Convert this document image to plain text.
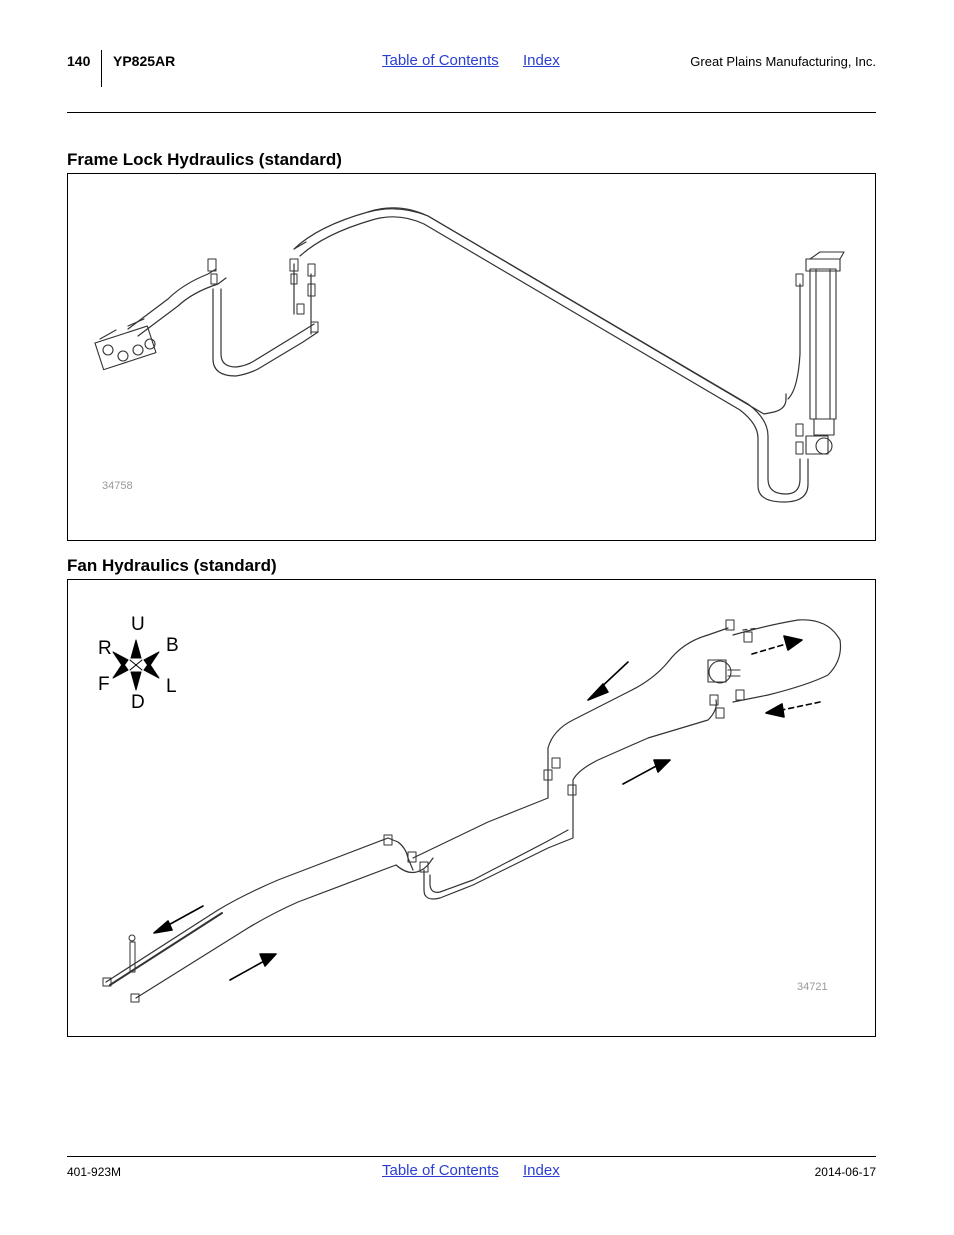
140 YP825AR	Table of Contents Index	Great Plains Manufacturing, Inc.
Frame Lock Hydraulics (standard)
34758
Fan Hydraulics (standard)
U
R	B
F	L
D
34721
401-923M	Table of Contents Index	2014-06-17
